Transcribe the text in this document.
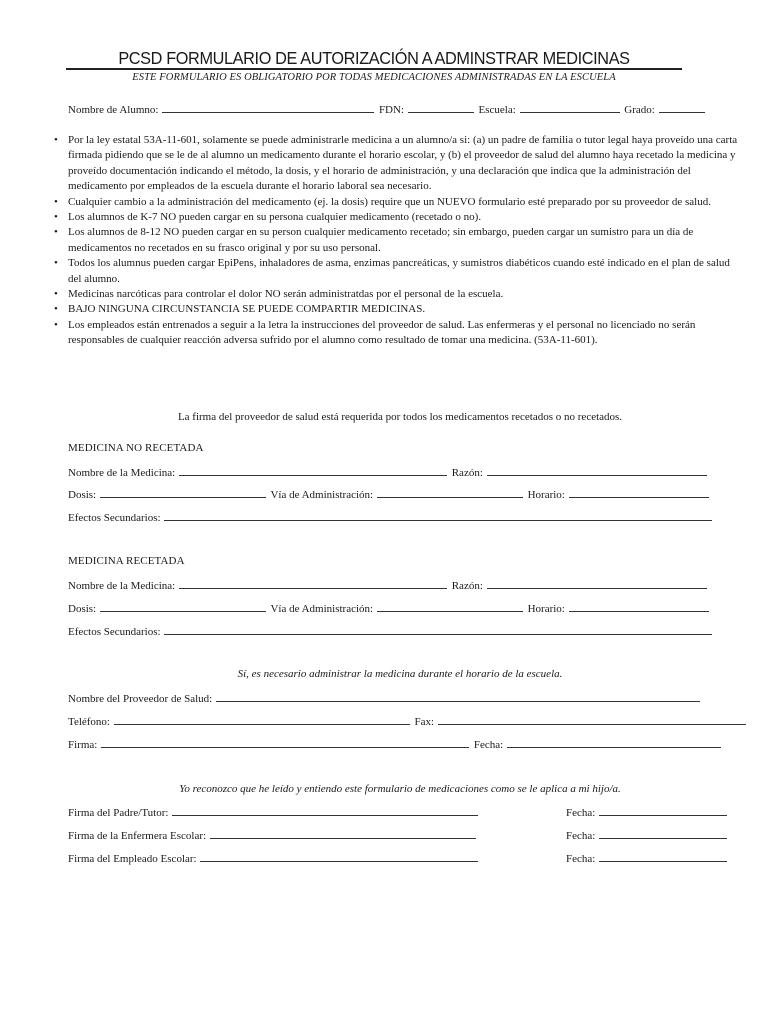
PCSD FORMULARIO DE AUTORIZACIÓN A ADMINSTRAR MEDICINAS
ESTE FORMULARIO ES OBLIGATORIO POR TODAS MEDICACIONES ADMINISTRADAS EN LA ESCUELA
Nombre de Alumno:	FDN:	Escuela:	Grado:
• Por la ley estatal 53A-11-601, solamente se puede administrarle medicina a un alumno/a si: (a) un padre de familia o tutor legal haya proveído una carta firmada pidiendo que se le de al alumno un medicamento durante el horario escolar, y (b) el proveedor de salud del alumno haya recetado la medicina y proveído documentación indicando el método, la dosis, y el horario de administración, y una declaración que indica que la administración del medicamento por empleados de la escuela durante el horario laboral sea necesario.
• Cualquier cambio a la administración del medicamento (ej. la dosis) require que un NUEVO formulario esté preparado por su proveedor de salud.
• Los alumnos de K-7 NO pueden cargar en su persona cualquier medicamento (recetado o no).
• Los alumnos de 8-12 NO pueden cargar en su person cualquier medicamento recetado; sin embargo, pueden cargar un sumistro para un día de medicamentos no recetados en su frasco original y por su uso personal.
• Todos los alumnus pueden cargar EpiPens, inhaladores de asma, enzimas pancreáticas, y sumistros diabéticos cuando esté indicado en el plan de salud del alumno.
• Medicinas narcóticas para controlar el dolor NO serán administratdas por el personal de la escuela.
• BAJO NINGUNA CIRCUNSTANCIA SE PUEDE COMPARTIR MEDICINAS.
• Los empleados están entrenados a seguir a la letra la instrucciones del proveedor de salud. Las enfermeras y el personal no licenciado no serán responsables de cualquier reacción adversa sufrido por el alumno como resultado de tomar una medicina. (53A-11-601).
La firma del proveedor de salud está requerida por todos los medicamentos recetados o no recetados.
MEDICINA NO RECETADA
Nombre de la Medicina:	Razón:
Dosis:	Vía de Administración:	Horario:
Efectos Secundarios:
MEDICINA RECETADA
Nombre de la Medicina:	Razón:
Dosis:	Vía de Administración:	Horario:
Efectos Secundarios:
Sí, es necesario administrar la medicina durante el horario de la escuela.
Nombre del Proveedor de Salud:
Teléfono:	Fax:
Firma:	Fecha:
Yo reconozco que he leído y entiendo este formulario de medicaciones como se le aplica a mi hijo/a.
Firma del Padre/Tutor:	Fecha:
Firma de la Enfermera Escolar:	Fecha:
Firma del Empleado Escolar:	Fecha:
